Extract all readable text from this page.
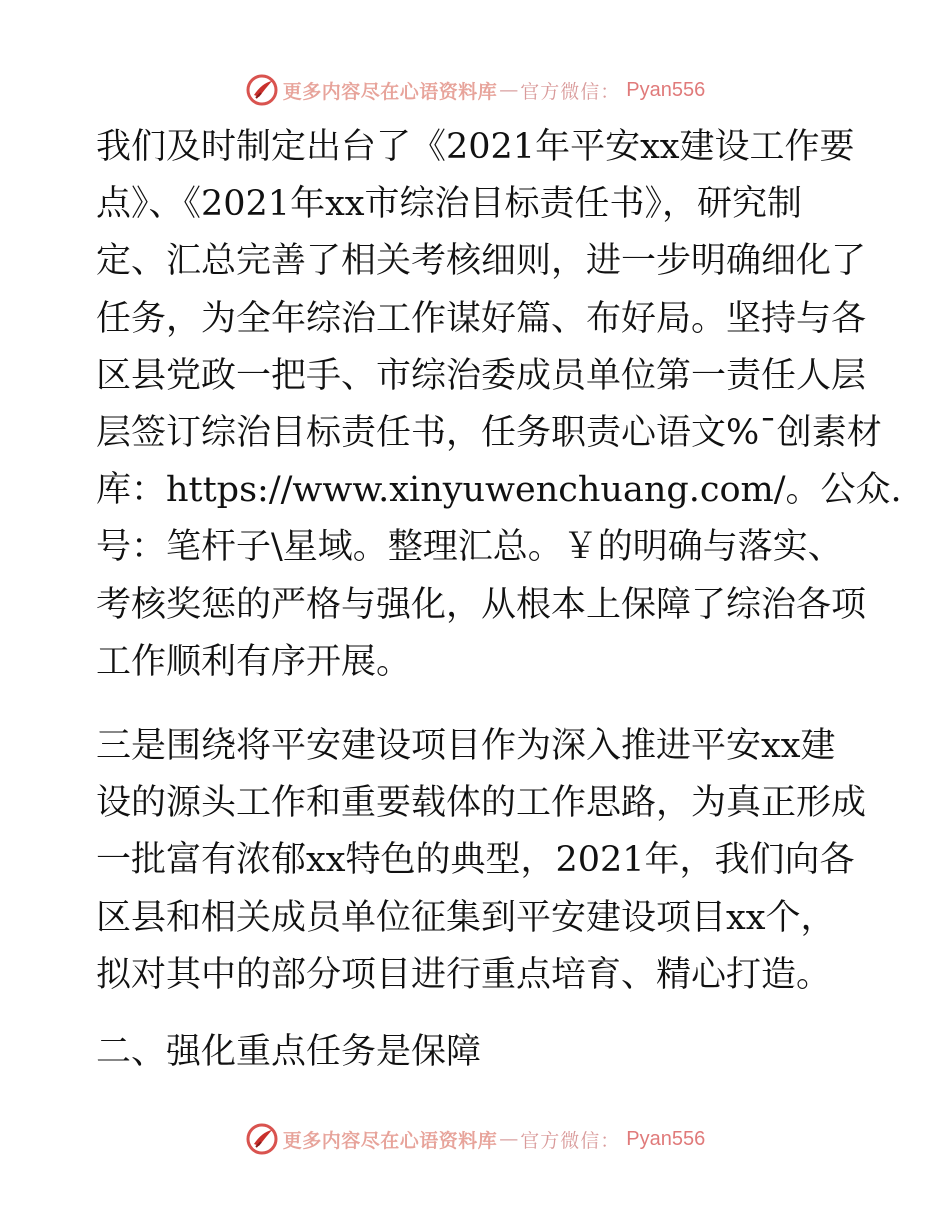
更多内容尽在心语资料库 — 官方微信： Pyan556
我们及时制定出台了《2021年平安xx建设工作要
点》、《2021年xx市综治目标责任书》，研究制
定、汇总完善了相关考核细则，进一步明确细化了
任务，为全年综治工作谋好篇、布好局。坚持与各
区县党政一把手、市综治委成员单位第一责任人层
层签订综治目标责任书，任务职责心语文%¯创素材
库：https://www.xinyuwenchuang.com/。公众.
号：笔杆子\星域。整理汇总。￥的明确与落实、
考核奖惩的严格与强化，从根本上保障了综治各项
工作顺利有序开展。
三是围绕将平安建设项目作为深入推进平安xx建
设的源头工作和重要载体的工作思路，为真正形成
一批富有浓郁xx特色的典型，2021年，我们向各
区县和相关成员单位征集到平安建设项目xx个，
拟对其中的部分项目进行重点培育、精心打造。
二、强化重点任务是保障
更多内容尽在心语资料库 — 官方微信： Pyan556
